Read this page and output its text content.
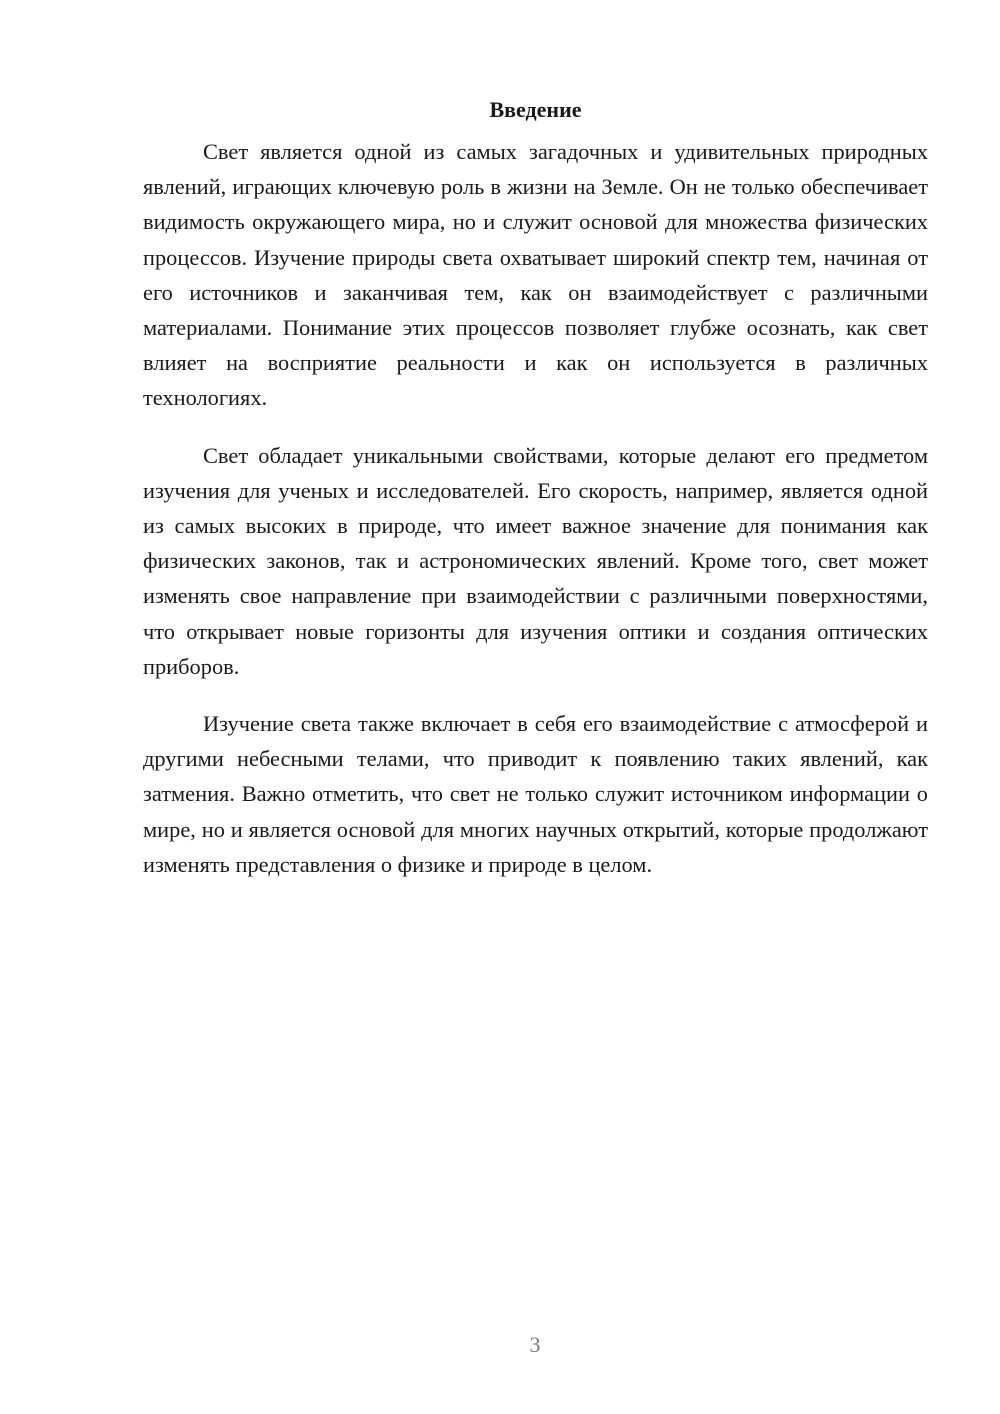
Введение

Свет является одной из самых загадочных и удивительных природных явлений, играющих ключевую роль в жизни на Земле. Он не только обеспечивает видимость окружающего мира, но и служит основой для множества физических процессов. Изучение природы света охватывает широкий спектр тем, начиная от его источников и заканчивая тем, как он взаимодействует с различными материалами. Понимание этих процессов позволяет глубже осознать, как свет влияет на восприятие реальности и как он используется в различных технологиях.

Свет обладает уникальными свойствами, которые делают его предметом изучения для ученых и исследователей. Его скорость, например, является одной из самых высоких в природе, что имеет важное значение для понимания как физических законов, так и астрономических явлений. Кроме того, свет может изменять свое направление при взаимодействии с различными поверхностями, что открывает новые горизонты для изучения оптики и создания оптических приборов.

Изучение света также включает в себя его взаимодействие с атмосферой и другими небесными телами, что приводит к появлению таких явлений, как затмения. Важно отметить, что свет не только служит источником информации о мире, но и является основой для многих научных открытий, которые продолжают изменять представления о физике и природе в целом.

3
